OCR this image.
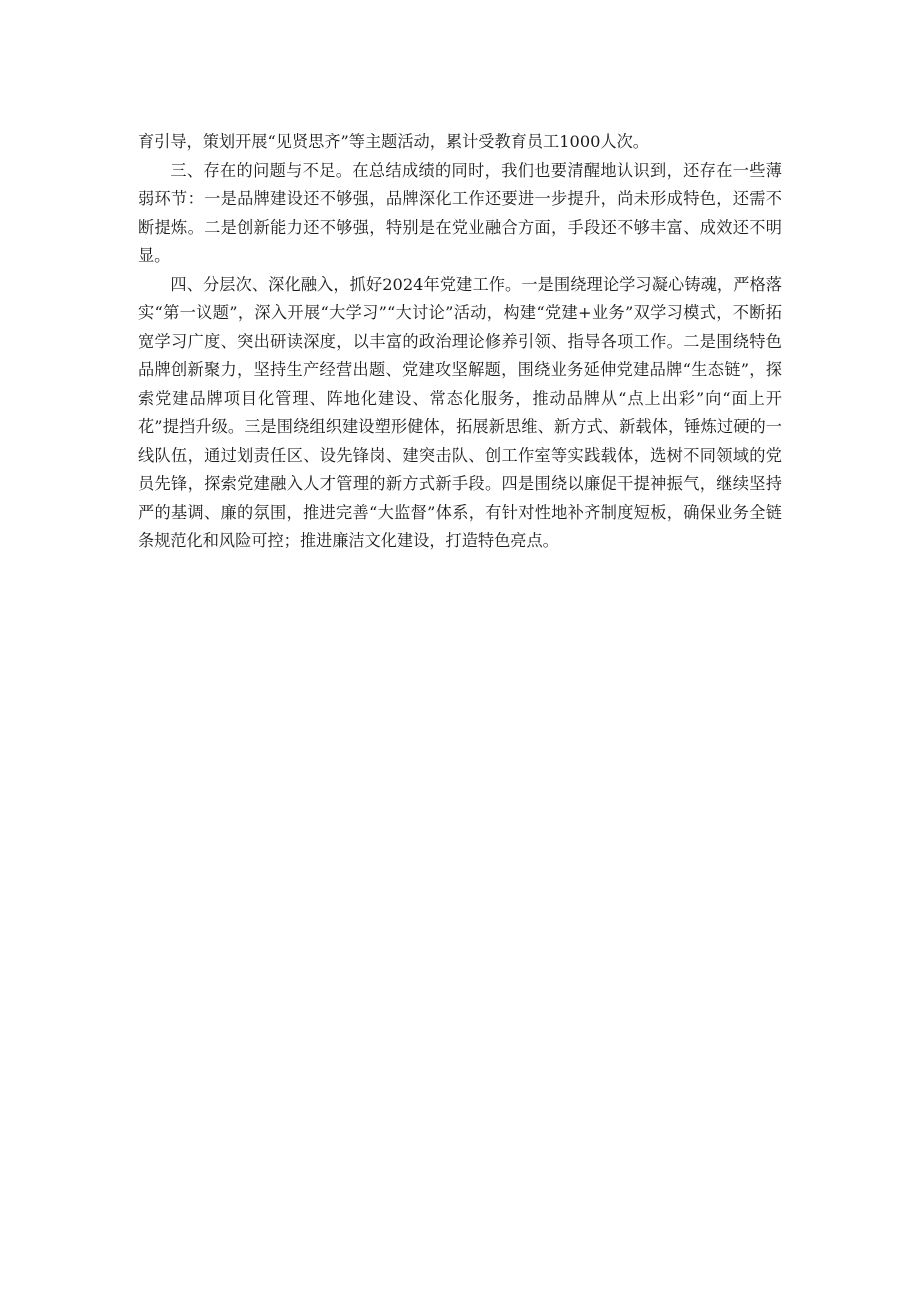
育引导，策划开展“见贤思齐”等主题活动，累计受教育员工1000人次。

三、存在的问题与不足。在总结成绩的同时，我们也要清醒地认识到，还存在一些薄弱环节：一是品牌建设还不够强，品牌深化工作还要进一步提升，尚未形成特色，还需不断提炼。二是创新能力还不够强，特别是在党业融合方面，手段还不够丰富、成效还不明显。

四、分层次、深化融入，抓好2024年党建工作。一是围绕理论学习凝心铸魂，严格落实“第一议题”，深入开展“大学习”“大讨论”活动，构建“党建+业务”双学习模式，不断拓宽学习广度、突出研读深度，以丰富的政治理论修养引领、指导各项工作。二是围绕特色品牌创新聚力，坚持生产经营出题、党建攻坚解题，围绕业务延伸党建品牌“生态链”，探索党建品牌项目化管理、阵地化建设、常态化服务，推动品牌从“点上出彩”向“面上开花”提挡升级。三是围绕组织建设塑形健体，拓展新思维、新方式、新载体，锤炼过硬的一线队伍，通过划责任区、设先锋岗、建突击队、创工作室等实践载体，选树不同领域的党员先锋，探索党建融入人才管理的新方式新手段。四是围绕以廉促干提神振气，继续坚持严的基调、廉的氛围，推进完善“大监督”体系，有针对性地补齐制度短板，确保业务全链条规范化和风险可控；推进廉洁文化建设，打造特色亮点。
